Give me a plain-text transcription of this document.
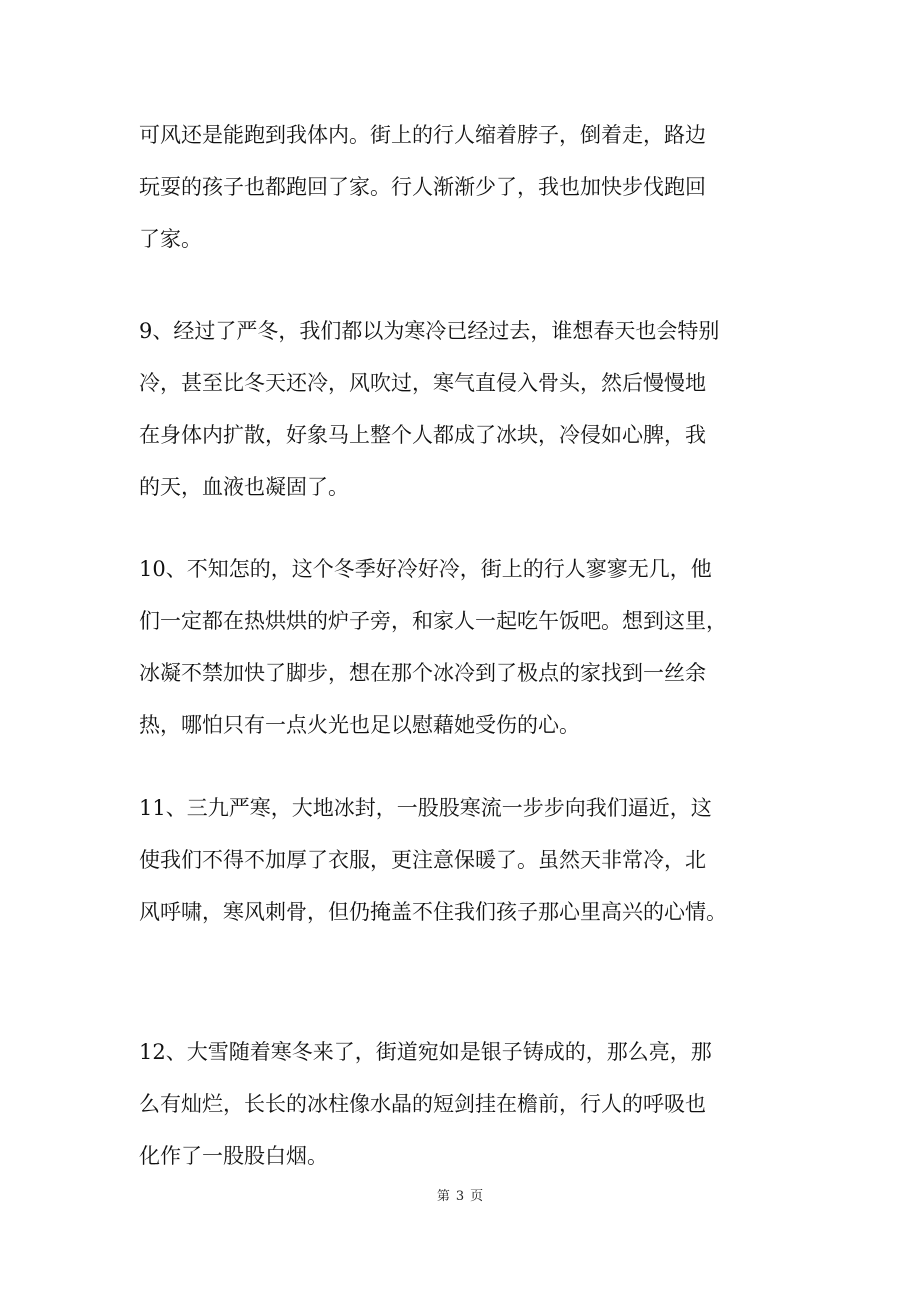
可风还是能跑到我体内。街上的行人缩着脖子，倒着走，路边
玩耍的孩子也都跑回了家。行人渐渐少了，我也加快步伐跑回
了家。
9、经过了严冬，我们都以为寒冷已经过去，谁想春天也会特别
冷，甚至比冬天还冷，风吹过，寒气直侵入骨头，然后慢慢地
在身体内扩散，好象马上整个人都成了冰块，冷侵如心脾，我
的天，血液也凝固了。
10、不知怎的，这个冬季好冷好冷，街上的行人寥寥无几，他
们一定都在热烘烘的炉子旁，和家人一起吃午饭吧。想到这里，
冰凝不禁加快了脚步，想在那个冰冷到了极点的家找到一丝余
热，哪怕只有一点火光也足以慰藉她受伤的心。
11、三九严寒，大地冰封，一股股寒流一步步向我们逼近，这
使我们不得不加厚了衣服，更注意保暖了。虽然天非常冷，北
风呼啸，寒风刺骨，但仍掩盖不住我们孩子那心里高兴的心情。
12、大雪随着寒冬来了，街道宛如是银子铸成的，那么亮，那
么有灿烂，长长的冰柱像水晶的短剑挂在檐前，行人的呼吸也
化作了一股股白烟。
第 3 页
